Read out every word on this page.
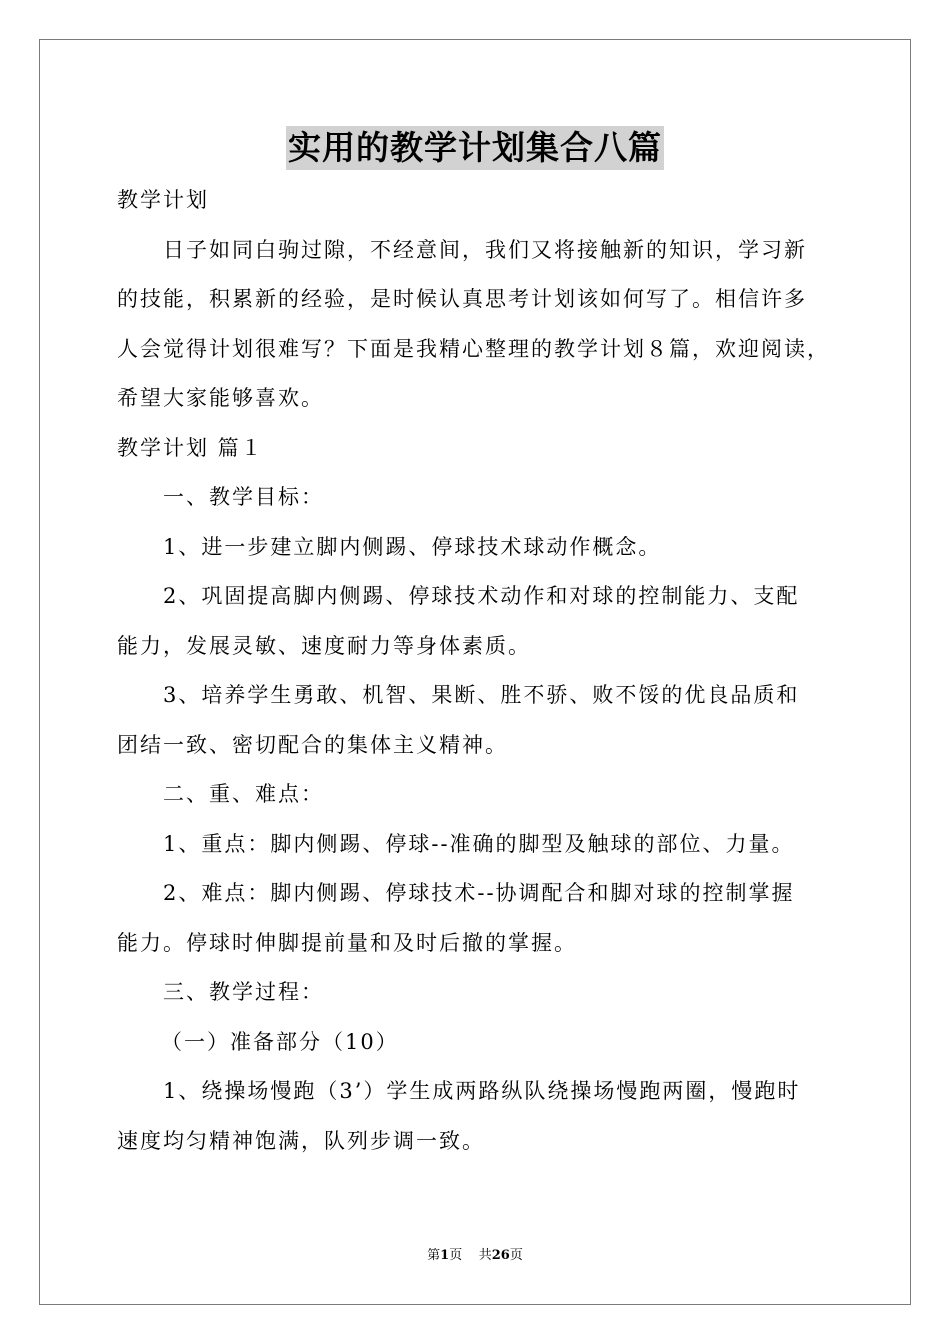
实用的教学计划集合八篇

教学计划

日子如同白驹过隙，不经意间，我们又将接触新的知识，学习新

的技能，积累新的经验，是时候认真思考计划该如何写了。相信许多

人会觉得计划很难写？下面是我精心整理的教学计划８篇，欢迎阅读，

希望大家能够喜欢。

教学计划 篇１

一、教学目标：

1、进一步建立脚内侧踢、停球技术球动作概念。

2、巩固提高脚内侧踢、停球技术动作和对球的控制能力、支配

能力，发展灵敏、速度耐力等身体素质。

3、培养学生勇敢、机智、果断、胜不骄、败不馁的优良品质和

团结一致、密切配合的集体主义精神。

二、重、难点：

1、重点：脚内侧踢、停球--准确的脚型及触球的部位、力量。

2、难点：脚内侧踢、停球技术--协调配合和脚对球的控制掌握

能力。停球时伸脚提前量和及时后撤的掌握。

三、教学过程：

（一）准备部分（10）

1、绕操场慢跑（3’）学生成两路纵队绕操场慢跑两圈，慢跑时

速度均匀精神饱满，队列步调一致。

第1页 共26页
